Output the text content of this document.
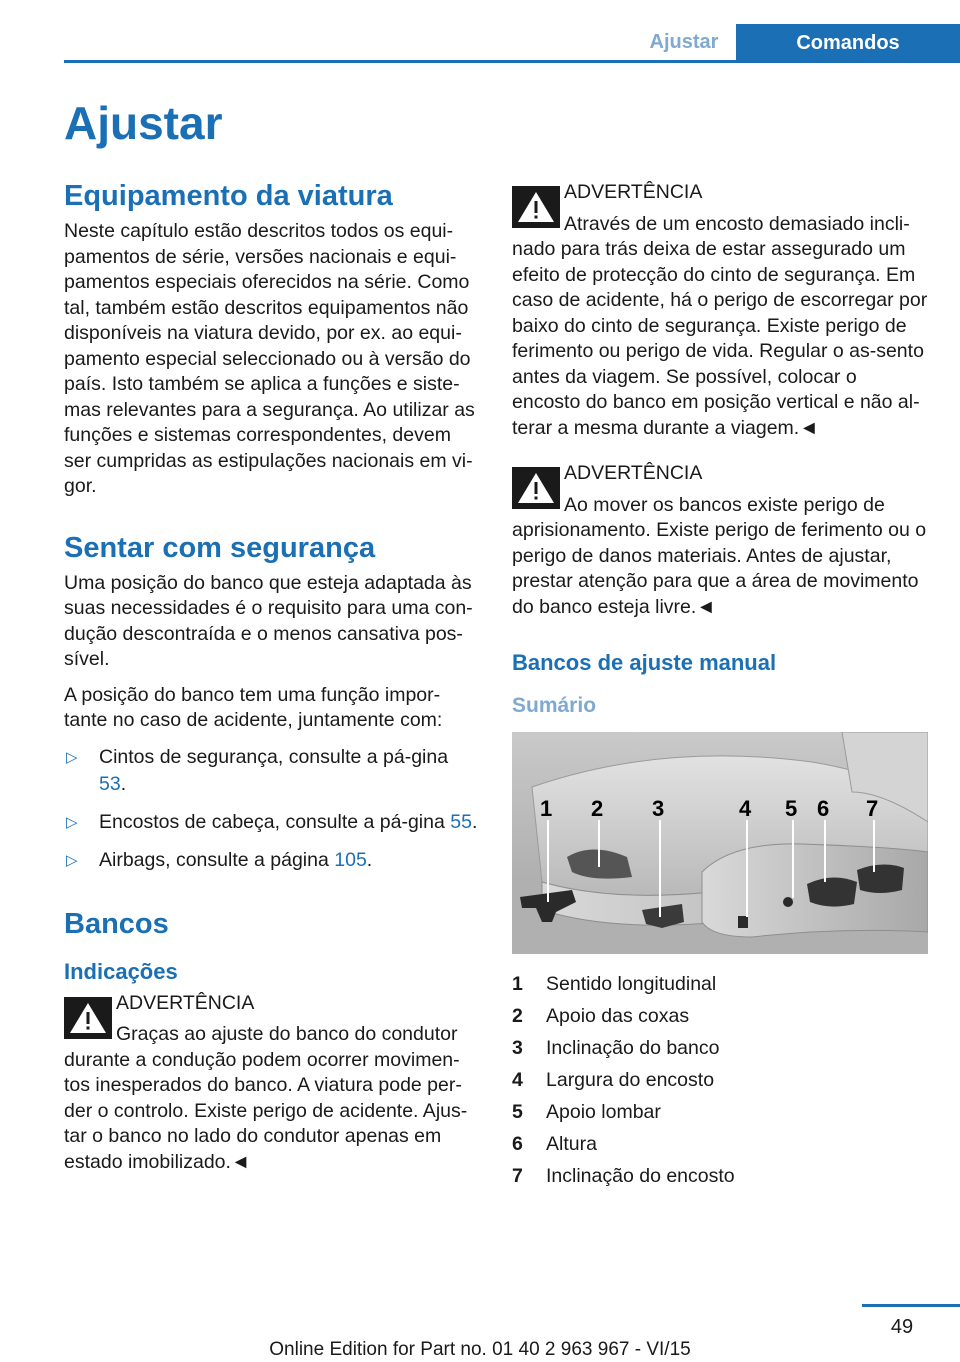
Ajustar	Comandos
Ajustar
Equipamento da viatura

Neste capítulo estão descritos todos os equi-pamentos de série, versões nacionais e equi-pamentos especiais oferecidos na série. Como tal, também estão descritos equipamentos não disponíveis na viatura devido, por ex. ao equi-pamento especial seleccionado ou à versão do país. Isto também se aplica a funções e siste-mas relevantes para a segurança. Ao utilizar as funções e sistemas correspondentes, devem ser cumpridas as estipulações nacionais em vi-gor.

Sentar com segurança

Uma posição do banco que esteja adaptada às suas necessidades é o requisito para uma con-dução descontraída e o menos cansativa pos-sível.

A posição do banco tem uma função impor-tante no caso de acidente, juntamente com:

▷ Cintos de segurança, consulte a pá-gina 53.
▷ Encostos de cabeça, consulte a pá-gina 55.
▷ Airbags, consulte a página 105.
Bancos
Indicações
ADVERTÊNCIA

Graças ao ajuste do banco do condutor durante a condução podem ocorrer movimen-tos inesperados do banco. A viatura pode per-der o controlo. Existe perigo de acidente. Ajus-tar o banco no lado do condutor apenas em estado imobilizado.◄

ADVERTÊNCIA

Através de um encosto demasiado incli-nado para trás deixa de estar assegurado um efeito de protecção do cinto de segurança. Em caso de acidente, há o perigo de escorregar por baixo do cinto de segurança. Existe perigo de ferimento ou perigo de vida. Regular o as-sento antes da viagem. Se possível, colocar o encosto do banco em posição vertical e não al-terar a mesma durante a viagem.◄

ADVERTÊNCIA

Ao mover os bancos existe perigo de aprisionamento. Existe perigo de ferimento ou o perigo de danos materiais. Antes de ajustar, prestar atenção para que a área de movimento do banco esteja livre.◄

Bancos de ajuste manual
Sumário
1 2 3	4 5 6 7
1	Sentido longitudinal
2	Apoio das coxas
3	Inclinação do banco
4	Largura do encosto
5	Apoio lombar
6	Altura
7	Inclinação do encosto
49
Online Edition for Part no. 01 40 2 963 967 - VI/15
